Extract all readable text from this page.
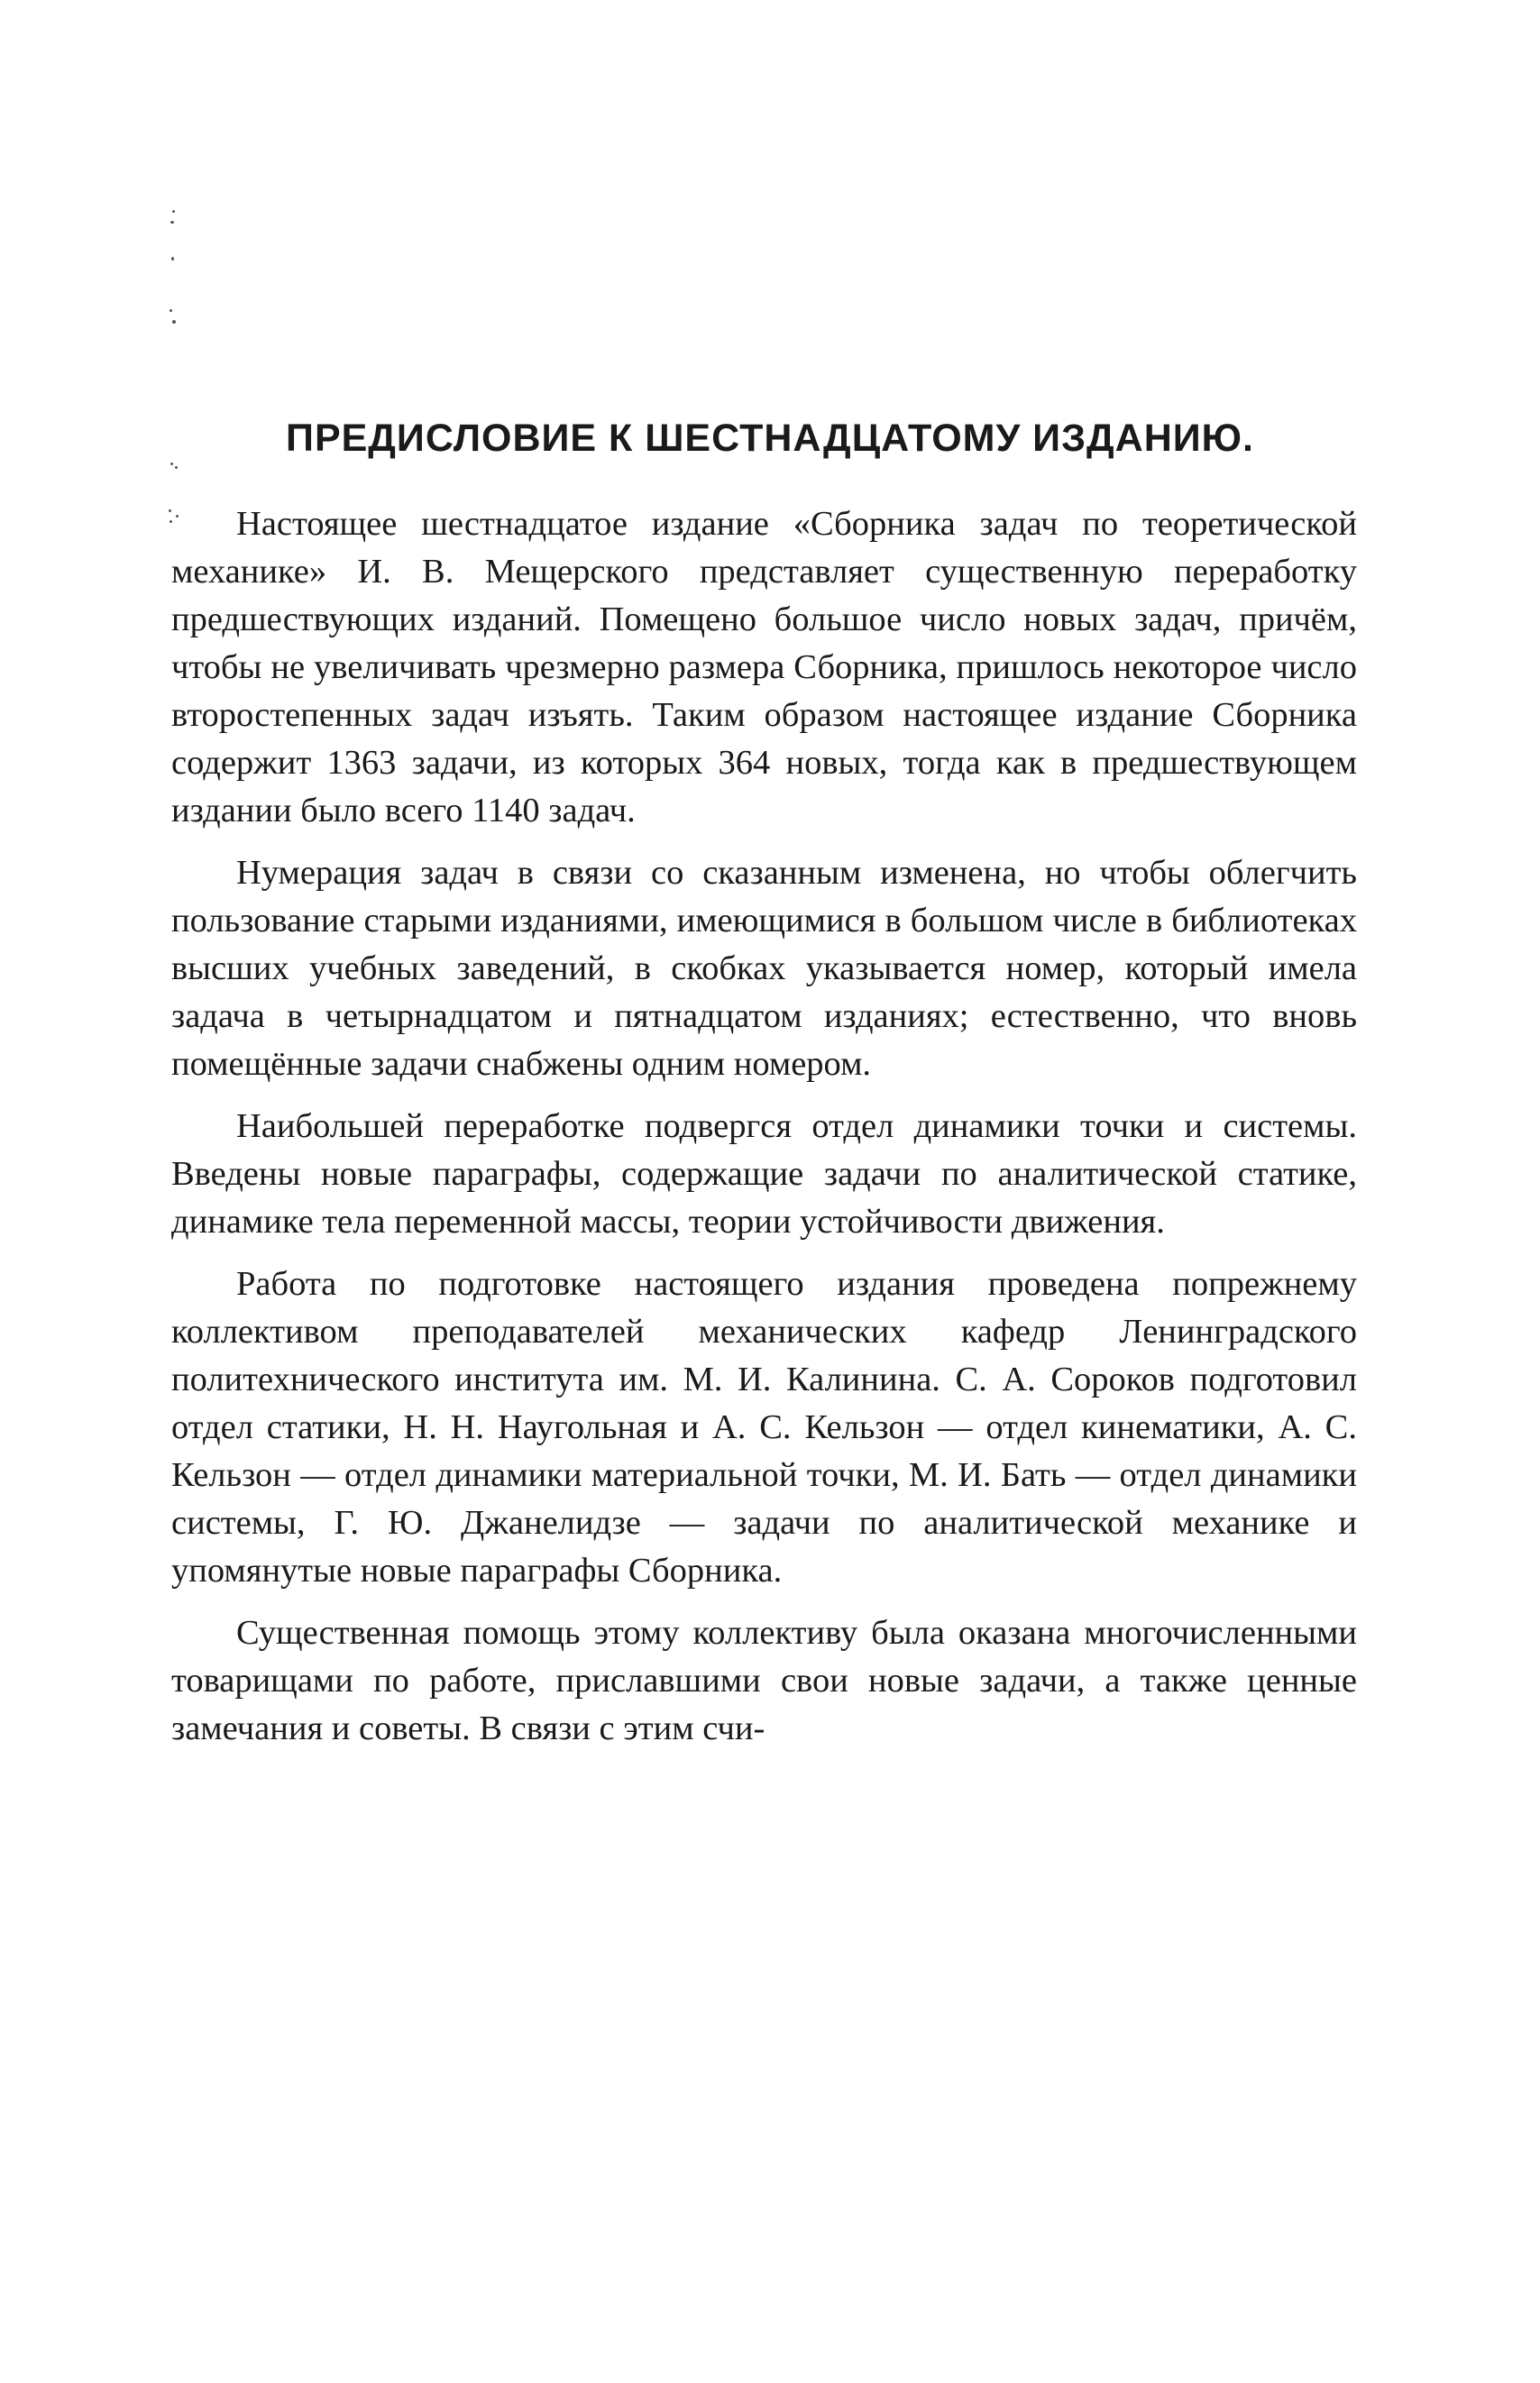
ПРЕДИСЛОВИЕ К ШЕСТНАДЦАТОМУ ИЗДАНИЮ.

Настоящее шестнадцатое издание «Сборника задач по теоретической механике» И. В. Мещерского представляет существенную переработку предшествующих изданий. Помещено большое число новых задач, причём, чтобы не увеличивать чрезмерно размера Сборника, пришлось некоторое число второстепенных задач изъять. Таким образом настоящее издание Сборника содержит 1363 задачи, из которых 364 новых, тогда как в предшествующем издании было всего 1140 задач.

Нумерация задач в связи со сказанным изменена, но чтобы облегчить пользование старыми изданиями, имеющимися в большом числе в библиотеках высших учебных заведений, в скобках указывается номер, который имела задача в четырнадцатом и пятнадцатом изданиях; естественно, что вновь помещённые задачи снабжены одним номером.

Наибольшей переработке подвергся отдел динамики точки и системы. Введены новые параграфы, содержащие задачи по аналитической статике, динамике тела переменной массы, теории устойчивости движения.

Работа по подготовке настоящего издания проведена попрежнему коллективом преподавателей механических кафедр Ленинградского политехнического института им. М. И. Калинина. С. А. Сороков подготовил отдел статики, Н. Н. Наугольная и А. С. Кельзон — отдел кинематики, А. С. Кельзон — отдел динамики материальной точки, М. И. Бать — отдел динамики системы, Г. Ю. Джанелидзе — задачи по аналитической механике и упомянутые новые параграфы Сборника.

Существенная помощь этому коллективу была оказана многочисленными товарищами по работе, приславшими свои новые задачи, а также ценные замечания и советы. В связи с этим счи-
